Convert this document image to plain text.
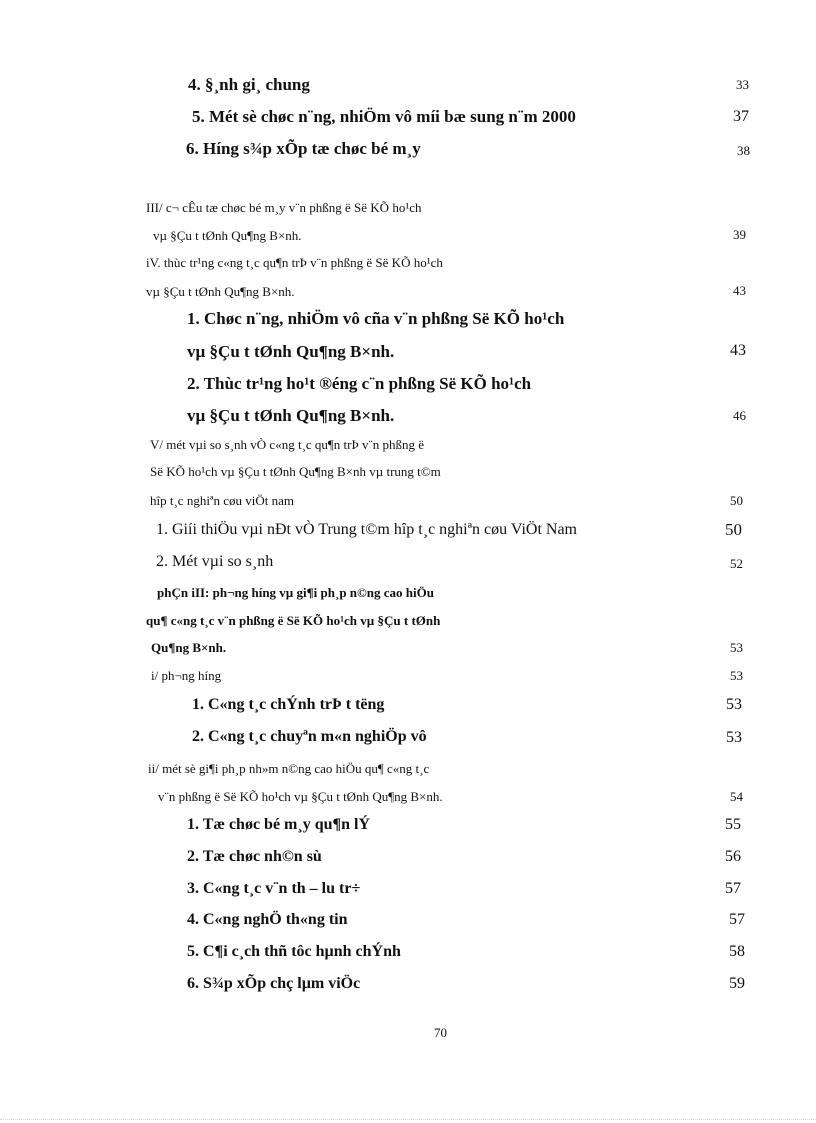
4. §¸nh gi¸ chung	33
5. Mét sè chøc n¨ng, nhiÖm vô míi bæ sung n¨m 2000	37
6. Híng s¾p xÕp tæ chøc bé m¸y	38
III/ c¬ cÊu tæ chøc bé m¸y v¨n phßng ë Së KÕ ho¹ch
vµ §Çu t tØnh Qu¶ng B×nh.	39
iV. thùc tr¹ng c«ng t¸c qu¶n trÞ v¨n phßng ë Së KÕ ho¹ch
vµ §Çu t tØnh Qu¶ng B×nh.	43
1. Chøc n¨ng, nhiÖm vô cña v¨n phßng Së KÕ ho¹ch
vµ §Çu t tØnh Qu¶ng B×nh.	43
2. Thùc tr¹ng ho¹t ®éng c¨n phßng Së KÕ ho¹ch
vµ §Çu t tØnh Qu¶ng B×nh.	46
V/ mét vµi so s¸nh vÒ c«ng t¸c qu¶n trÞ v¨n phßng ë
Së KÕ ho¹ch vµ §Çu t tØnh Qu¶ng B×nh vµ trung t©m
hîp t¸c nghiªn cøu viÖt nam	50
1. Giíi thiÖu vµi nÐt vÒ Trung t©m hîp t¸c nghiªn cøu ViÖt Nam	50
2. Mét vµi so s¸nh	52
phÇn iII: ph¬ng híng vµ gi¶i ph¸p n©ng cao hiÖu
qu¶ c«ng t¸c v¨n phßng ë Së KÕ ho¹ch vµ §Çu t tØnh
Qu¶ng B×nh.	53
i/ ph¬ng híng	53
1. C«ng t¸c chÝnh trÞ t tëng	53
2. C«ng t¸c chuyªn m«n nghiÖp vô	53
ii/ mét sè gi¶i ph¸p nh»m n©ng cao hiÖu qu¶ c«ng t¸c
v¨n phßng ë Së KÕ ho¹ch vµ §Çu t tØnh Qu¶ng B×nh.	54
1. Tæ chøc bé m¸y qu¶n lÝ	55
2. Tæ chøc nh©n sù	56
3. C«ng t¸c v¨n th – lu tr÷	57
4. C«ng nghÖ th«ng tin	57
5. C¶i c¸ch thñ tôc hµnh chÝnh	58
6. S¾p xÕp chç lµm viÖc	59
70
